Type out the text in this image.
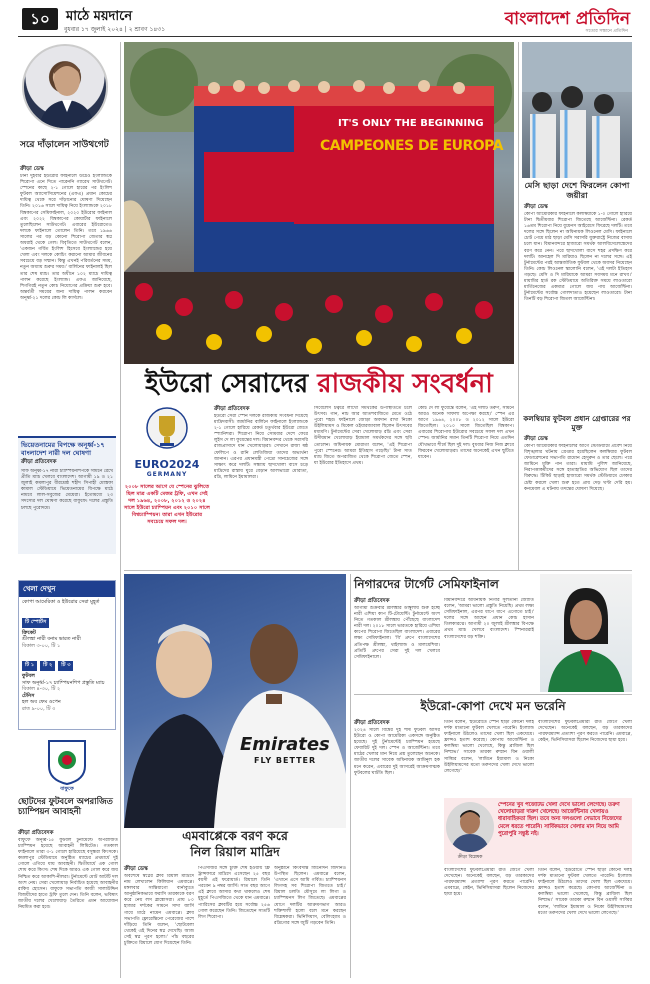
১০	মাঠে ময়দানে
বুধবার ১৭ জুলাই ২০২৪ | ২ শ্রাবণ ১৪৩১
বাংলাদেশ প্রতিদিন
সত্যের সন্ধানে প্রতিদিন
সরে দাঁড়ালেন সাউথগেট
ক্রীড়া ডেস্ক
টানা দুইবার ইউরোর ফাইনালে উঠেও ইংল্যান্ডকে শিরোপা এনে দিতে পারেননি গ্যারেথ সাউথগেট। স্পেনের কাছে ২-১ গোলে হারের পর ইংলিশ ফুটবল অ্যাসোসিয়েশনের (এফএ) প্রধান কোচের দায়িত্ব থেকে সরে দাঁড়ানোর ঘোষণা দিয়েছেন তিনি। ২০১৬ সালে দায়িত্ব নিয়ে ইংল্যান্ডকে ২০১৮ বিশ্বকাপের সেমিফাইনাল, ২০২০ ইউরোর ফাইনাল এবং ২০২২ বিশ্বকাপের কোয়ার্টার ফাইনালে তুলেছিলেন সাউথগেট। এবারের ইউরোতেও দলকে ফাইনালে তোলেন তিনি। তবে ১৯৬৬ সালের পর বড় কোনো শিরোপা জেতার স্বপ্ন অধরাই থেকে গেল। বিবৃতিতে সাউথগেট বলেন, 'একজন গর্বিত ইংলিশ হিসেবে ইংল্যান্ডের হয়ে খেলা এবং দলকে কোচিং করানো আমার জীবনের সবচেয়ে বড় সম্মান। কিন্তু এখনই পরিবর্তনের সময়, নতুন অধ্যায় শুরুর সময়।' বার্লিনের ফাইনালই ছিল তার শেষ ম্যাচ। তার অধীনে ১০২ ম্যাচে দায়িত্ব পালন করেছে ইংল্যান্ড। এফএ জানিয়েছে, শিগগিরই নতুন কোচ নিয়োগের প্রক্রিয়া শুরু হবে। অন্তর্বর্তী সময়ের জন্য দায়িত্ব পালন করবেন অনূর্ধ্ব-২১ দলের কোচ লি কার্সলে।
ভিয়েতনামের বিপক্ষে অনূর্ধ্ব-১৭ বাংলাদেশ নারী দল ঘোষণা
ক্রীড়া প্রতিবেদক
সাফ অনূর্ধ্ব-১৭ নারী চ্যাম্পিয়নশিপকে সামনে রেখে প্রীতি ম্যাচ খেলবে বাংলাদেশ। আগামী ১৯ ও ২১ জুলাই কমলাপুর বীরশ্রেষ্ঠ শহীদ সিপাহী মোস্তফা কামাল স্টেডিয়ামে ভিয়েতনামের বিপক্ষে মাঠে নামবে লাল-সবুজের মেয়েরা। ইতোমধ্যে ২৩ সদস্যের দল ঘোষণা করেছে বাফুফে। দলের প্রস্তুতি চলছে পুরোদমে।
খেলা দেখুন
কোপা আমেরিকা ও ইউরোর সেরা মুহূর্ত
টি স্পোর্টস
ক্রিকেট
শ্রীলঙ্কা নারী বনাম ভারত নারী
বিকাল ৩-০০, টি ১
টি ১ টি ২ টি ৩
ফুটবল
সাফ অনূর্ধ্ব-১৭ চ্যাম্পিয়নশিপ প্রস্তুতি ম্যাচ
বিকাল ৪-৩০, টি ২
টেনিস
হল অব ফেম ওপেন
রাত ৯-০০, টি ৩
বাফুফে
ছোটদের ফুটবলে অপরাজিত চ্যাম্পিয়ন আবাহনী
ক্রীড়া প্রতিবেদক
বাফুফে অনূর্ধ্ব-১৫ ফুটবল টুর্নামেন্টে অপরাজিত চ্যাম্পিয়ন হয়েছে আবাহনী লিমিটেড। গতকাল ফাইনালে তারা ৩-১ গোলে হারিয়েছে বসুন্ধরা কিংসকে। কমলাপুর স্টেডিয়ামে অনুষ্ঠিত ম্যাচের প্রথমার্ধে দুই গোলে এগিয়ে যায় আবাহনী। দ্বিতীয়ার্ধে এক গোল শোধ করে কিংস। শেষ দিকে আরও এক গোল করে জয় নিশ্চিত করে আকাশি-নীলরা। টুর্নামেন্টে মোট আটটি দল অংশ নেয়। সেরা খেলোয়াড় নির্বাচিত হয়েছে আবাহনীর রাকিব হোসেন। বাফুফে সভাপতি কাজী সালাউদ্দিন বিজয়ীদের হাতে ট্রফি তুলে দেন। তিনি বলেন, ভবিষ্যৎ জাতীয় দলের খেলোয়াড় তৈরিতে এমন আয়োজন নিয়মিত করা হবে।
IT'S ONLY THE BEGINNING
CAMPEONES DE EUROPA
ইউরো সেরাদের রাজকীয় সংবর্ধনা
EURO2024
GERMANY
২০০৮ সালের আগে যে স্পেনের ঝুলিতে ছিল মাত্র একটি মেজর ট্রফি, এখন সেই দল ১৯৬৪, ২০০৮, ২০১২ ও ২০২৪ সালে ইউরো চ্যাম্পিয়ন এবং ২০১০ সালে বিশ্বচ্যাম্পিয়ন। তারা এখন ইউরোর সবচেয়ে সফল দল।
ক্রীড়া প্রতিবেদক
ইউরো সেরা স্পেন দলকে রাজকীয় সংবর্ধনা দিয়েছে মাদ্রিদবাসী। জার্মানির বার্লিনে ফাইনালে ইংল্যান্ডকে ২-১ গোলে হারিয়ে রেকর্ড চতুর্থবার ইউরো জেতে স্প্যানিশরা। শিরোপা নিয়ে সোমবার দেশে ফেরে লুইস দে লা ফুয়েন্তের দল। বিমানবন্দর থেকে সরাসরি রাজপ্রাসাদে যান খেলোয়াড়রা। সেখানে রাজা ষষ্ঠ ফেলিপে ও রানি লেতিজিয়া তাদের অভ্যর্থনা জানান। এরপর প্রধানমন্ত্রী পেদ্রো সানচেজের সঙ্গে সাক্ষাৎ করে দলটি। সন্ধ্যায় ছাদখোলা বাসে চড়ে মাদ্রিদের রাস্তায় ঘুরে বেড়ান আলভারো মোরাতা, রদ্রি, লামিনে ইয়ামালরা।
সিবেলেস চত্বরে লাখো সমর্থকের উপস্থিতিতে চলে উৎসব। গান, নাচ আর আতশবাজিতে মেতে ওঠে পুরো শহর। ফাইনালে জোড়া অবদান রাখা নিকো উইলিয়ামস ও মিকেল ওইয়ারজাবাল ছিলেন উৎসবের মধ্যমণি। টুর্নামেন্টের সেরা খেলোয়াড় রদ্রি এবং সেরা উদীয়মান খেলোয়াড় ইয়ামাল সমর্থকদের সঙ্গে ছবি তোলেন। অধিনায়ক মোরাতা বলেন, 'এই শিরোপা পুরো স্পেনের। আমরা ইতিহাস গড়েছি।' টানা সাত ম্যাচ জিতে অপরাজিত থেকে শিরোপা জেতে স্পেন, যা ইউরোর ইতিহাসে প্রথম।
কোচ দে লা ফুয়েন্তে বলেন, 'এই দলটি তরুণ, সামনে আরও অনেক সাফল্য অপেক্ষা করছে।' স্পেন এর আগে ১৯৬৪, ২০০৮ ও ২০১২ সালে ইউরো জিতেছিল। ২০১০ সালে জিতেছিল বিশ্বকাপ। এবারের শিরোপায় ইউরোর সবচেয়ে সফল দল এখন স্পেন। জার্মানির সমান তিনটি শিরোপা নিয়ে এতদিন যৌথভাবে শীর্ষে ছিল দুই দল। বুধবার নিজ নিজ ক্লাবে ফিরবেন খেলোয়াড়রা। তাদের অনেকেই এখন ছুটিতে যাবেন।
মেসি ছাড়া দেশে ফিরলেন কোপা জয়ীরা
ক্রীড়া ডেস্ক
কোপা আমেরিকার ফাইনালে কলম্বিয়াকে ১-০ গোলে হারিয়ে টানা দ্বিতীয়বার শিরোপা জিতেছে আর্জেন্টিনা। রেকর্ড ১৬তম শিরোপা নিয়ে বুয়েনস আইরেসে ফিরেছে দলটি। তবে দলের সঙ্গে ছিলেন না অধিনায়ক লিওনেল মেসি। ফাইনালে চোট পেয়ে মাঠ ছাড়া মেসি সরাসরি যুক্তরাষ্ট্রে নিজের বাসায় চলে যান। বিমানবন্দরে হাজারো সমর্থক আলবিসেলেস্তেদের বরণ করে নেন। পরে ছাদখোলা বাসে শহর প্রদক্ষিণ করে দলটি। আনহেল দি মারিয়াও ছিলেন না দলের সঙ্গে। এই টুর্নামেন্টের পরই আন্তর্জাতিক ফুটবল থেকে অবসর নিয়েছেন তিনি। কোচ লিওনেল স্কালোনি বলেন, 'এই দলটা ইতিহাস গড়ছে। মেসি ও দি মারিয়াকে আমরা সবসময় মনে রাখব।' মায়ামির হার্ড রক স্টেডিয়ামে অতিরিক্ত সময়ে লাওতারো মার্তিনেজের একমাত্র গোলে জয় পায় আর্জেন্টিনা। টুর্নামেন্টের সর্বোচ্চ গোলদাতাও হয়েছেন লাওতারো। টানা তিনটি বড় শিরোপা জিতল আর্জেন্টিনা।
কলম্বিয়ার ফুটবল প্রধান গ্রেপ্তারের পর মুক্ত
ক্রীড়া ডেস্ক
কোপা আমেরিকার ফাইনালের আগে স্টেডিয়ামে প্রবেশ নিয়ে বিশৃঙ্খলার ঘটনায় গ্রেপ্তার হয়েছিলেন কলম্বিয়ার ফুটবল ফেডারেশনের সভাপতি রামোন হেসুরুন ও তার ছেলে। পরে জামিনে মুক্তি পান তারা। মায়ামি পুলিশ জানিয়েছে, নিরাপত্তাকর্মীদের সঙ্গে হাতাহাতির অভিযোগ ছিল তাদের বিরুদ্ধে। টিকিট ছাড়াই হাজারো সমর্থক স্টেডিয়ামে ঢোকার চেষ্টা করলে খেলা শুরু হতে প্রায় দেড় ঘণ্টা দেরি হয়। কনমেবল এ ঘটনায় তদন্তের ঘোষণা দিয়েছে।
Emirates
FLY BETTER
এমবাপ্পেকে বরণ করে
নিল রিয়াল মাদ্রিদ
ক্রীড়া ডেস্ক
অবশেষে স্বপ্নের ক্লাব রিয়াল মাদ্রিদে নাম লেখালেন কিলিয়ান এমবাপ্পে। মঙ্গলবার সান্তিয়াগো বার্নাব্যুতে আনুষ্ঠানিকভাবে ফরাসি তারকাকে বরণ করে নেয় লস ব্লাঙ্কোসরা। প্রায় ৮০ হাজার দর্শকের সামনে সাদা জার্সি গায়ে মাঠে নামেন এমবাপ্পে। ক্লাব সভাপতি ফ্লোরেন্তিনো পেরেজের পাশে দাঁড়িয়ে তিনি বলেন, 'ছোটবেলা থেকেই এই দিনের স্বপ্ন দেখেছি। আজ সেই স্বপ্ন পূরণ হলো।' পাঁচ বছরের চুক্তিতে রিয়ালে যোগ দিয়েছেন তিনি।
পিএসজির সঙ্গে চুক্তি শেষ হওয়ায় ফ্রি ট্রান্সফারে মাদ্রিদে এসেছেন ২৫ বছর বয়সী এই ফরোয়ার্ড। রিয়ালে তিনি পরবেন ৯ নম্বর জার্সি। সাত বছর আগে এই ক্লাবে আসার কথা থাকলেও শেষ মুহূর্তে পিএসজিতে থেকে যান এমবাপ্পে। প্যারিসের ক্লাবটির হয়ে সর্বোচ্চ ২৫৬ গোল করেছেন তিনি। জিতেছেন সাতটি লিগ শিরোপা।
অনুষ্ঠানে কিংবদন্তি জিনেদিন জিদানও উপস্থিত ছিলেন। এমবাপ্পে বলেন, 'এখানে এসে আমি গর্বিত। চ্যাম্পিয়নস লিগসহ সব শিরোপা জিততে চাই।' রিয়াল চলতি মৌসুমে লা লিগা ও চ্যাম্পিয়নস লিগ জিতেছে। এমবাপ্পের যোগে দলটির আক্রমণভাগ আরও শক্তিশালী হলো বলে মনে করছেন বিশ্লেষকরা। ভিনিসিয়াস, বেলিংহ্যাম ও রদ্রিগোর সঙ্গে জুটি গড়বেন তিনি।
নিগারদের টার্গেট সেমিফাইনাল
ক্রীড়া প্রতিবেদক
আগামী শুক্রবার শ্রীলঙ্কার ডাম্বুলায় শুরু হচ্ছে নারী এশিয়া কাপ টি-টোয়েন্টি। টুর্নামেন্টে অংশ নিতে গতকাল শ্রীলঙ্কায় পৌঁছেছে বাংলাদেশ নারী দল। ২০১৮ সালে ভারতকে হারিয়ে এশিয়া কাপের শিরোপা জিতেছিল বাংলাদেশ। এবারের লক্ষ্য সেমিফাইনাল। 'বি' গ্রুপে বাংলাদেশের প্রতিপক্ষ শ্রীলঙ্কা, থাইল্যান্ড ও মালয়েশিয়া। প্রতিটি গ্রুপের সেরা দুই দল খেলবে সেমিফাইনালে।
বিমানবন্দরে অধিনায়ক নিগার সুলতানা জ্যোতি বলেন, 'আমরা ভালো প্রস্তুতি নিয়েছি। প্রথম লক্ষ্য সেমিফাইনাল, এরপর ধাপে ধাপে এগোতে চাই।' দলের সঙ্গে আছেন প্রধান কোচ হাসান তিলকারত্নে। আগামী ২০ জুলাই শ্রীলঙ্কার বিপক্ষে প্রথম ম্যাচ খেলবে বাংলাদেশ। স্পিনাররাই বাংলাদেশের বড় শক্তি।
ইউরো-কোপা দেখে মন ভরেনি
ক্রীড়া প্রতিবেদক
২০২৪ সালে বিশ্বের দুই শীর্ষ ফুটবল আসর ইউরো ও কোপা আমেরিকা একসঙ্গে অনুষ্ঠিত হয়েছে। দুই টুর্নামেন্টেই চ্যাম্পিয়ন হয়েছে ফেবারিট দুই দল। স্পেন ও আর্জেন্টিনা। তবে মাঠের খেলার মান নিয়ে প্রশ্ন তুলেছেন অনেকে। জাতীয় দলের সাবেক অধিনায়ক আমিনুল হক মনে করেন, এবারের দুই আসরেই আক্রমণাত্মক ফুটবলের ঘাটতি ছিল।
তিনি বলেন, 'ইউরোতে স্পেন ছাড়া কোনো দলই দর্শক মাতানো ফুটবল খেলতে পারেনি। ইংল্যান্ড ফাইনালে উঠলেও তাদের খেলা ছিল একঘেয়ে। ফ্রান্সও হতাশ করেছে। কোপায় আর্জেন্টিনা ও কলম্বিয়া ভালো খেলেছে, কিন্তু ব্রাজিল ছিল নিষ্প্রভ।' সাবেক তারকা রুম্মান বিন ওয়ালী সাব্বির বলেন, 'লামিনে ইয়ামাল ও নিকো উইলিয়ামসের মতো তরুণদের খেলা দেখে ভালো লেগেছে।'
বাংলাদেশের ফুটবলপ্রেমীরা রাত জেগে খেলা দেখেছেন। অনেকেই বলছেন, বড় তারকাদের পারফরম্যান্স প্রত্যাশা পূরণ করতে পারেনি। এমবাপ্পে, কেইন, ভিনিসিয়াসরা ছিলেন নিজেদের ছায়া হয়ে।
ক্রীড়া বিশ্লেষক
স্পেনের খুব পজেটিভ খেলা দেখে ভালো লেগেছে। তরুণ খেলোয়াড়রা দারুণ খেলেছে। আর্জেন্টিনার খেলায়ও ধারাবাহিকতা ছিল। তবে অন্য দলগুলো সেভাবে নিজেদের মেলে ধরতে পারেনি। সার্বিকভাবে খেলার মান নিয়ে আমি পুরোপুরি সন্তুষ্ট নই।
বাংলাদেশের ফুটবলপ্রেমীরা রাত জেগে খেলা দেখেছেন। অনেকেই বলছেন, বড় তারকাদের পারফরম্যান্স প্রত্যাশা পূরণ করতে পারেনি। এমবাপ্পে, কেইন, ভিনিসিয়াসরা ছিলেন নিজেদের ছায়া হয়ে।
তিনি বলেন, 'ইউরোতে স্পেন ছাড়া কোনো দলই দর্শক মাতানো ফুটবল খেলতে পারেনি। ইংল্যান্ড ফাইনালে উঠলেও তাদের খেলা ছিল একঘেয়ে। ফ্রান্সও হতাশ করেছে। কোপায় আর্জেন্টিনা ও কলম্বিয়া ভালো খেলেছে, কিন্তু ব্রাজিল ছিল নিষ্প্রভ।' সাবেক তারকা রুম্মান বিন ওয়ালী সাব্বির বলেন, 'লামিনে ইয়ামাল ও নিকো উইলিয়ামসের মতো তরুণদের খেলা দেখে ভালো লেগেছে।'
